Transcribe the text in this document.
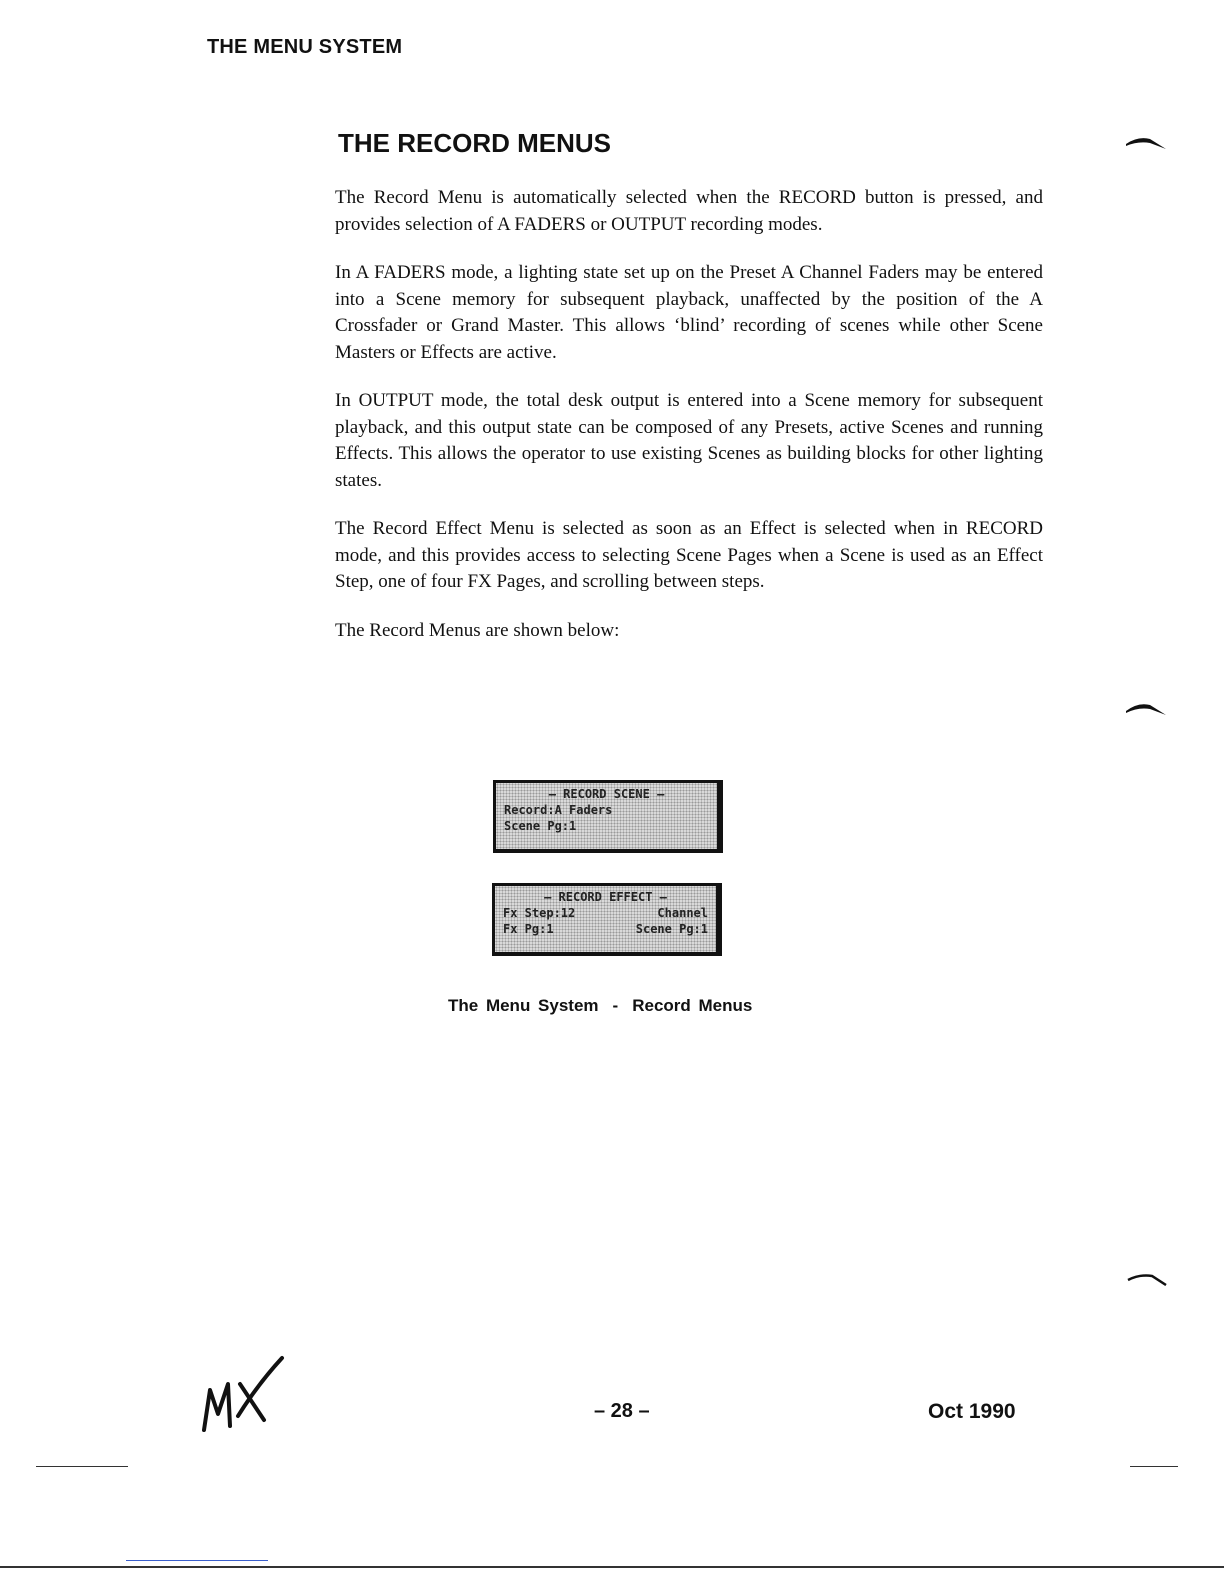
THE MENU SYSTEM
THE RECORD MENUS

The Record Menu is automatically selected when the RECORD button is pressed, and provides selection of A FADERS or OUTPUT recording modes.

In A FADERS mode, a lighting state set up on the Preset A Channel Faders may be entered into a Scene memory for subsequent playback, unaffected by the position of the A Crossfader or Grand Master. This allows ‘blind’ recording of scenes while other Scene Masters or Effects are active.

In OUTPUT mode, the total desk output is entered into a Scene memory for subsequent playback, and this output state can be composed of any Presets, active Scenes and running Effects. This allows the operator to use existing Scenes as building blocks for other lighting states.

The Record Effect Menu is selected as soon as an Effect is selected when in RECORD mode, and this provides access to selecting Scene Pages when a Scene is used as an Effect Step, one of four FX Pages, and scrolling between steps.

The Record Menus are shown below:

– RECORD SCENE –
Record:A Faders
Scene Pg:1
– RECORD EFFECT –
Fx Step:12	Channel
Fx Pg:1	Scene Pg:1
The Menu System - Record Menus
– 28 –	Oct 1990
